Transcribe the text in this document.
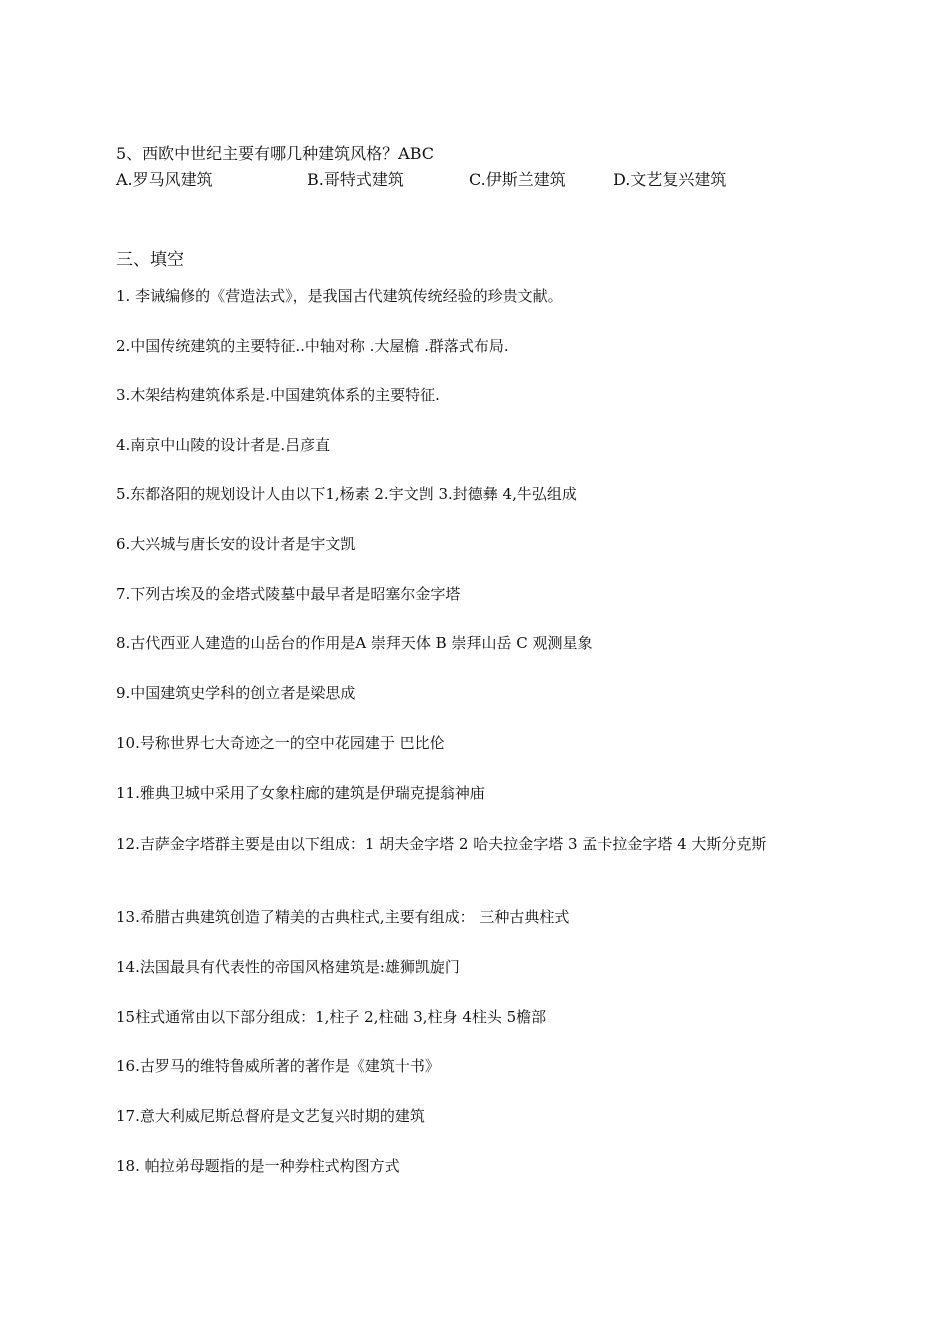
5、西欧中世纪主要有哪几种建筑风格？ABC
A.罗马风建筑	B.哥特式建筑	C.伊斯兰建筑	D.文艺复兴建筑
三、填空
1. 李诫编修的《营造法式》，是我国古代建筑传统经验的珍贵文献。
2.中国传统建筑的主要特征..中轴对称 .大屋檐 .群落式布局.
3.木架结构建筑体系是.中国建筑体系的主要特征.
4.南京中山陵的设计者是.吕彦直
5.东都洛阳的规划设计人由以下1,杨素 2.宇文剀 3.封德彝 4,牛弘组成
6.大兴城与唐长安的设计者是宇文凯
7.下列古埃及的金塔式陵墓中最早者是昭塞尔金字塔
8.古代西亚人建造的山岳台的作用是A 崇拜天体 B 崇拜山岳 C 观测星象
9.中国建筑史学科的创立者是梁思成
10.号称世界七大奇迹之一的空中花园建于 巴比伦
11.雅典卫城中采用了女象柱廊的建筑是伊瑞克提翁神庙
12.吉萨金字塔群主要是由以下组成：1 胡夫金字塔 2 哈夫拉金字塔 3 孟卡拉金字塔 4 大斯分克斯
13.希腊古典建筑创造了精美的古典柱式,主要有组成： 三种古典柱式
14.法国最具有代表性的帝国风格建筑是:雄狮凯旋门
15柱式通常由以下部分组成：1,柱子 2,柱础 3,柱身 4柱头 5檐部
16.古罗马的维特鲁威所著的著作是《建筑十书》
17.意大利威尼斯总督府是文艺复兴时期的建筑
18. 帕拉弟母题指的是一种券柱式构图方式
